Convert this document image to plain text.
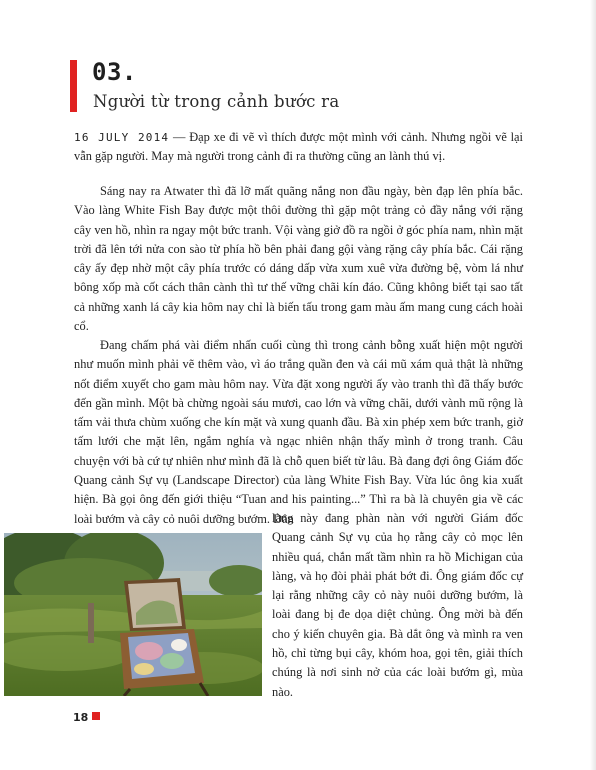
03.
Người từ trong cảnh bước ra

16 JULY 2014 — Đạp xe đi vẽ vì thích được một mình với cảnh. Nhưng ngồi vẽ lại vẫn gặp người. May mà người trong cảnh đi ra thường cũng an lành thú vị.

Sáng nay ra Atwater thì đã lỡ mất quãng nắng non đầu ngày, bèn đạp lên phía bắc. Vào làng White Fish Bay được một thôi đường thì gặp một trảng cỏ đầy nắng với rặng cây ven hồ, nhìn ra ngay một bức tranh. Vội vàng giở đồ ra ngồi ở góc phía nam, nhìn mặt trời đã lên tới nửa con sào từ phía hồ bên phải đang gội vàng rặng cây phía bắc. Cái rặng cây ấy đẹp nhờ một cây phía trước có dáng dấp vừa xum xuê vừa đường bệ, vòm lá như bông xốp mà cốt cách thân cành thì tư thế vững chãi kín đáo. Cũng không biết tại sao tất cả những xanh lá cây kia hôm nay chỉ là biến tấu trong gam màu ấm mang cung cách hoài cổ.

Đang chấm phá vài điểm nhấn cuối cùng thì trong cảnh bỗng xuất hiện một người như muốn mình phải vẽ thêm vào, vì áo trắng quần đen và cái mũ xám quả thật là những nốt điểm xuyết cho gam màu hôm nay. Vừa đặt xong người ấy vào tranh thì đã thấy bước đến gần mình. Một bà chừng ngoài sáu mươi, cao lớn và vững chãi, dưới vành mũ rộng là tấm vải thưa chùm xuống che kín mặt và xung quanh đầu. Bà xin phép xem bức tranh, giở tấm lưới che mặt lên, ngắm nghía và ngạc nhiên nhận thấy mình ở trong tranh. Câu chuyện với bà cứ tự nhiên như mình đã là chỗ quen biết từ lâu. Bà đang đợi ông Giám đốc Quang cảnh Sự vụ (Landscape Director) của làng White Fish Bay. Vừa lúc ông kia xuất hiện. Bà gọi ông đến giới thiệu “Tuan and his painting...” Thì ra bà là chuyên gia về các loài bướm và cây cỏ nuôi dưỡng bướm. Dân

làng này đang phàn nàn với người Giám đốc Quang cảnh Sự vụ của họ rằng cây cỏ mọc lên nhiều quá, chắn mất tầm nhìn ra hồ Michigan của làng, và họ đòi phải phát bớt đi. Ông giám đốc cự lại rằng những cây cỏ này nuôi dưỡng bướm, là loài đang bị đe dọa diệt chủng. Ông mời bà đến cho ý kiến chuyên gia. Bà dắt ông và mình ra ven hồ, chỉ từng bụi cây, khóm hoa, gọi tên, giải thích chúng là nơi sinh nở của các loài bướm gì, mùa nào.

18
